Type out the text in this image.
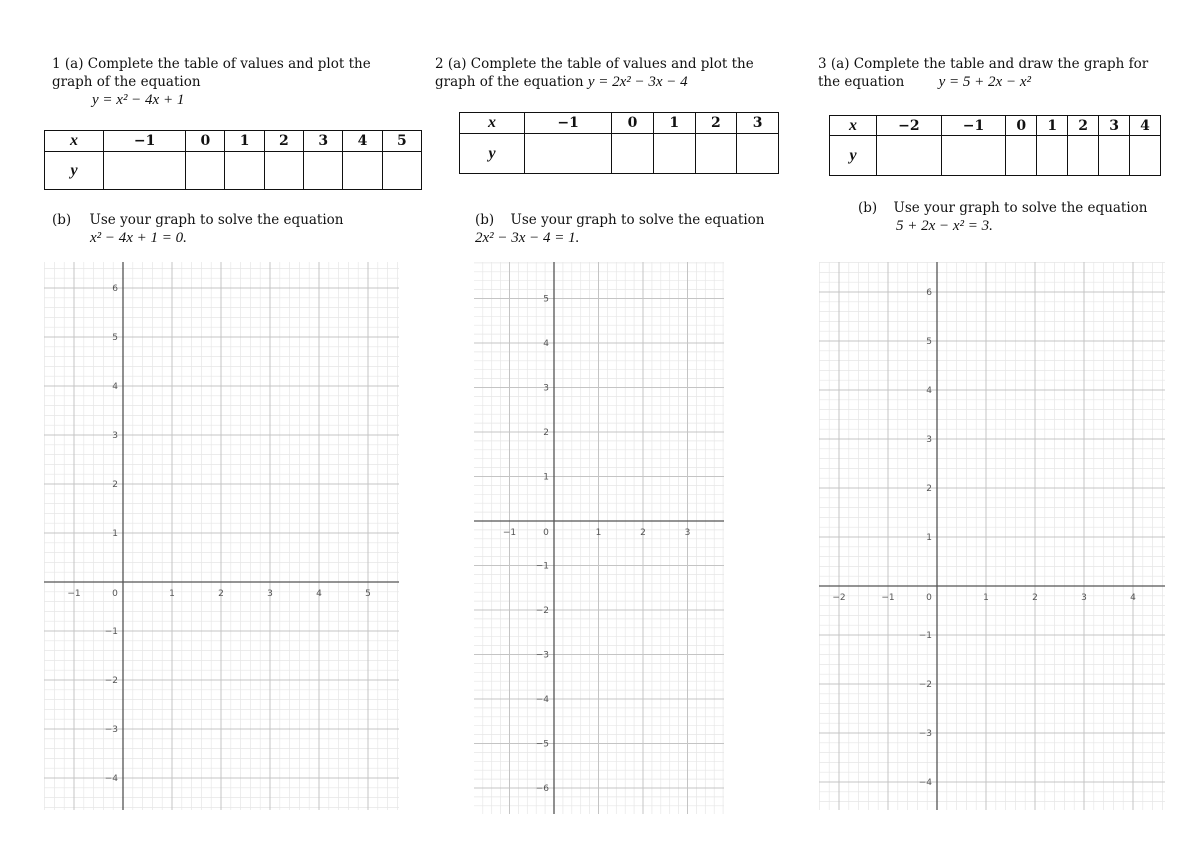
1 (a) Complete the table of values and plot the graph of the equation
y = x² − 4x + 1
x	−1	0	1	2	3	4	5
y							
(b) Use your graph to solve the equation
x² − 4x + 1 = 0.
−1	0	1	2	3	4	5
6
5
4
3
2
1
−1
−2
−3
−4
2 (a) Complete the table of values and plot the graph of the equation y = 2x² − 3x − 4
x	−1	0	1	2	3
y					
(b) Use your graph to solve the equation 2x² − 3x − 4 = 1.
−1	0	1	2	3
5
4
3
2
1
−1
−2
−3
−4
−5
−6
3 (a) Complete the table and draw the graph for the equation y = 5 + 2x − x²
x	−2	−1	0	1	2	3	4
y							
(b) Use your graph to solve the equation
5 + 2x − x² = 3.
−2	−1	0	1	2	3	4
6
5
4
3
2
1
−1
−2
−3
−4
